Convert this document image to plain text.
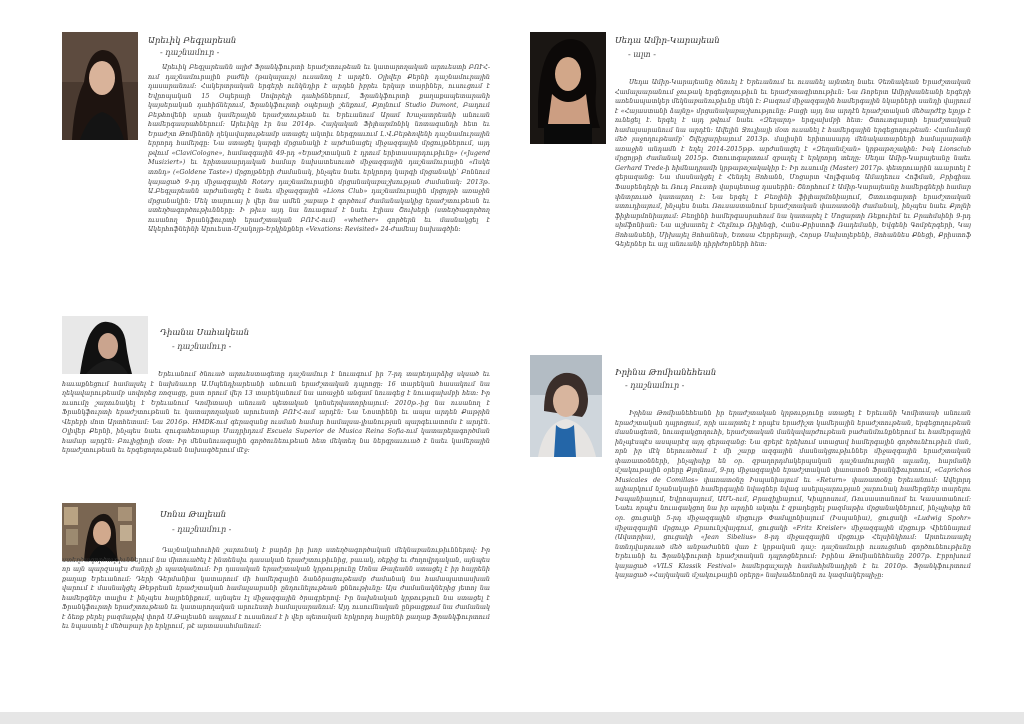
Արեւիկ Բեգլարեան
- դաշնամուր -
Արեւիկ Բեգլարեանն ալիժ Ֆրանկֆուրտի երաժշտութեան եւ կատարողական արուեստի ԲՈՒՀ-ում դաշնամուրային բաժնի (թակալաւր) ուսանող է արդէն. Օլիվեր Քերնի դաշնամուրային դասարանում: Հակերտրական երգերի ունկնդիր է արդեն իբրեւ երկար տարիներ, ուսուցում է Եվրոպական 15 Օպերայի Սովորելի դահիճներում, Ֆրանկֆուրտի քաղաքապետարանի կայսերական դահիճներում, Ֆրանկֆուրտի օպերայի շենքում, Քյոլնում Studio Dumont, Բադում Բեթհովենի սրահ կամերային երաժշտութեան եւ Երեւանում Արամ Խաչատրեանի անուան համերգասրահներում: Արեւիկը էր նա 2014թ. Հայկական Ֆիլհարմոնիկ նոտագանդի հետ եւ Երաժշտ Թոմինոնի ղեկավարութեամբ ստացել ակտիւ ներգրաւում Լ.Վ.Բեթհովենի դաշնամուրային երրորդ համերգը: Նա ստացել կարգի մրցանակի է արժանացել միջազգային մրցույթներում, այդ թվում «ClaviCologne», համազգային 49-րդ «Երաժշտական է դրում երիտասարդութիւնը» («Jugend Musiziert») եւ երիտասարդական համար նախատեսուած միջազգային դաշնամուրային «Ոսկե տոնդ» («Goldene Taste») մրցոյթների ժամանակ, ինչպես նաեւ երկրորդ կարգի մրցանակի՝ Բոննում կայացած 9-րդ միջազգային Rotary դաշնամուրային մրցանակաբաշխության ժամանակ: 2013թ. Ա.Բեգլարեանն արժանացել է նաեւ միջազգային «Lions Club» դաշնամուրային մրցոյթի առաջին մրցանակին: Մեկ տարուայ ի վեր նա ամեն շաբաթ է գործում ժամանակակից երաժշտութեան եւ ստեղծագործութիւնները: Ի թիւս այդ նա նուագում է նաեւ Էլիաս Շուխերի (ստեղծագործող ուսանող Ֆրանկֆուրտի երաժշտական ԲՈՒՀ-ում) «whether» գործերն եւ մասնակցել է Ակերհոֆնեինի Արուեստ-Մշակոյթ-Երկինքներ «Vexations: Revisited» 24-ժամեայ նախագծին:
Դիանա Սահակեան
- դաշնամուր -
Երեւանում ծնուած արուեստագետը դաշնամուր է նուագում իր 7-րդ տարեդարձից սկսած եւ հաւաքնեցում համալսել է նախնաւոր Ա.Սպենդիարեանի անուան երաժշտական դպրոցը: 16 տարեկան հասակում նա ղեկավարութեամբ սովորեց ռոզացը, ըստ որում վեր 13 տարեկանում նա առաջին անգամ նուագեց է նուագախմբի հետ: Իր ուսումը շարունակել է Երեւանում Կոմիտասի անուան պետական կոնսերվատորիայում: 2010թ.-ից նա ուսանող է Ֆրանկֆուրտի երաժշտութեան եւ կատարողական արուեստի ԲՈՒՀ-ում արդէն: Նա Նոստիենի եւ ապա արդեն Քաթրին Վերեբի մոտ Արտհետամ: Նա 2016թ. HMDK-ում գերազանց ուսման համար համալսա-լիանության պարգեւատոմս է արդէն. Օլիվեր Քերնի, ինչպես նաեւ զուգահեռաբար Մադրիդում Escuela Superior de Musica Reina Sofia-ում կատարելագործման համար արդէն: Բուլիցիոյի մօտ: Իր մենանուագային գործունեութեան հետ մեկտեղ նա ներգրաւուած է նաեւ կամերային երաժշտութեան եւ երգեցողութեան նախագծերում մէջ:
Սոնա Թալեան
- դաշնամուր -
Դաշնակահուհին շարունակ է բարձր իր խոր ստեղծագործական մեկնաբանութիւններով: Իր ստեղծագործութիւններում նա միտուածել է ինտենսիւ դասական երաժշտութիւնից, բաւակ, ռեքից եւ ժողովրդական, այնպես որ այն պարզապէս ժանրի չի պատկանում: Իր դասական երաժշտական կրթությունը Սոնա Թալեանն ստացել է իր հայրենի քաղաք Երեւանում: Դերի Գերմանիա կատարում մի համերգային ձանձրացութեամբ ժամանակ նա համապատասխան վարում է մասնակցել Թեթրեան երաժշտական համալսարանի ընդունելութեան քննութիւնը: Այս ժամանակներից յետոյ նա համերգներ տալիս է ինչպես հայրենիքում, այնպես էլ միջազգային ծրագրերով: Իր նախնական կրթություն նա ստացել է Ֆրանկֆուրտի երաժշտութեան եւ կատարողական արուեստի համալսարանում: Այդ ուսումնական ընթացքում նա ժամանակ է ձեռք բերել բազմաթիվ փորձ Ս.Թալեանն ապրում է ուսանում է ի վեր պետական երկրորդ հայրենի քաղաք Ֆրանկֆուրտում եւ նպաստել է մեծաբար իր երկրում, թէ արտասահմանում:
Սեդա Ամիր-Կարայեան
- ալտ -
Սեդա Ամիր-Կարայեանը ծնուել է Երեւանում եւ ուսանել այնտեղ նաեւ Չեռնակեան Երաժշտական Համալսարանում ջութակ երգեցողութիւն եւ երաժշտագիտութիւն: Նա Ռոբերտ Ամիրխանեանի երգերի առենապատկեր մեկնաբանութիւնը մեկն է: Բազում միջազգային համերգային նկարների սանդի վայրում է «Հայաստանի ձայնը» մրցանակաբաշխությունը: Բացի այդ նա արդէն երաժշտական մեծարժէք ելոյթ է ունեցել է. երգել է այդ թվում նաեւ «Զեղարդ» երգչախմբի հետ: Շտուտգարտի երաժշտական համալսարանում նա արդէն: Ավելին Ջուլիայի մօտ ուսանել է համերգային երգեցողութեան: Համաձայն մեծ յաջողութեամբ՝ Շվեյցարիայում 2013թ. մայիսին երիտասարդ մենակատարների համալսարանի առաջին անդամն է եղել 2014-2015թթ. արժանացել է «Զեղանմշան» կրթաթոշակին: Իսկ Lionsclub մրցոյթի ժամանակ 2015թ. Շտուտգարտում զբաղել է երկրորդ տեղը: Սեդա Ամիր-Կարայեանը նաեւ Gerhard Trede-ի հիմնադրամի կրթաթոշակակիր է: Իր ուսումը (Master) 2017թ. փետրուարին աւարտել է գերազանց: Նա մասնակցել է Հենդել Յոհանն, Մոցարտ Վոլֆգանգ Ամադեուս Հոֆման, Բրիգիաւ Ֆասբենդերի եւ Ռուդ Բուստի վարպետաց դասերին: Շնորհում է Ամիր-Կարայեանը համերգների համար փնտրուած կատարող է: Նա երգել է Բեռլինի ֆիլհարմոնիայում, Շտուտգարտի երաժշտական ստուդիայում, ինչպես նաեւ Ռուսաստանում երաժշտական փառատօնի ժամանակ, ինչպես նաեւ Քյոլնի ֆիլհարմոնիայում: Բեռլինի համերգասրահում նա կատարել է Մոցարտի Ռեքուիեմ եւ Բրահմսինի 9-րդ սիմֆոնիան: Նա աշխատել է Հելմութ Ռիլինգի, Հանս-Քրիստոֆ Ռադեմանի, Եվգենի Գոմբերգերի, Կայ Յոհանսենի, Միխայել Յոհանեսի, Եռոսա Հերրերայի, Հորսթ Սախտլեբենի, Յոհաննես Քնեցի, Քրիստոֆ Գեյերներ եւ այլ անուանի դիրիժորների հետ:
Իրինա Թոմիանեհեան
- դաշնամուր -
Իրինա Թոմիանեհեանն իր երաժշտական կրթությունը ստացել է Երեւանի Կոմիտասի անուան երաժշտական դպրոցում, որի աւարտել է որպէս երաժիշտ կամերային երաժշտութեան, երգեցողութեան մասնագետն, նուագակցողուհի, երաժշտական մանկավարժութեան բաժանմունքներում եւ համերգային ինչպէսպէս ասպարէզ այդ գերազանց: Նա զբերէ երեխում ստացավ համերգային գործունէութիւն ման, որն իր մէկ ներուածում է մի շարք ազգային մասնակցութիւններ միջազգային երաժշտական փառատօնների, ինչպիսիք են օր. զբաղորդմակերպական դաշնամուրային ալւանդ, հարմանի մշակութային օրերը Քյոլնում, 9-րդ միջազգային երաժշտական փառատօն Ֆրանկֆուրտում, «Caprichos Musicales de Comillas» փառատօնը Իսպանիայում եւ «Return» փառատօնը Երեւանում: Ավելորդ ալիարկում նշանակային համերգային նվագներ նվագ ասելաչարության շարունակ համերգներ տարելու Իսպանիայում, Եվրոպայում, ԱՄՆ-ում, Բրազիլիայում, Կիպրոսում, Ռուսաստանում եւ Կասատանում: Նաեւ որպէս նուագակցող նա իր արդին ակտիւ է զբաղեցրել բազմաթիւ մրցանակներում, ինչպիսիք են օր. ցուցակի 5-րդ միջազգային մրցույթ Փամպլոնիայում (Իսպանիա), ցուցակի «Ludwig Spohr» միջազգային մրցույթ Բրաունշվայգում, ցուցակի «Fritz Kreisler» միջազգային մրցույթ Վիեննայում (Ավստրիա), ցուցակի «Jean Sibelius» 8-րդ միջազգային մրցույթ Հելսինկիում: Արտեւռաայել նտնդվարուած մեծ անբաժանեն վառ է կրթական դաշ: դաշնամուրի ուսուցման գործունեութիւնը Երեւանի եւ Ֆրանկֆուրտի երաժշտական դպրոցներում: Իրինա Թոմիանեհեանը 2007թ. Էրբոխում կայացած «VILS Klassik Festival» համերգաշարի համահիմնադիրն է եւ 2010թ. Ֆրանկֆուրտում կայացած «Հայկական մշակութային օրերը» նախաձեռնողն ու կազմակերպիչը:
